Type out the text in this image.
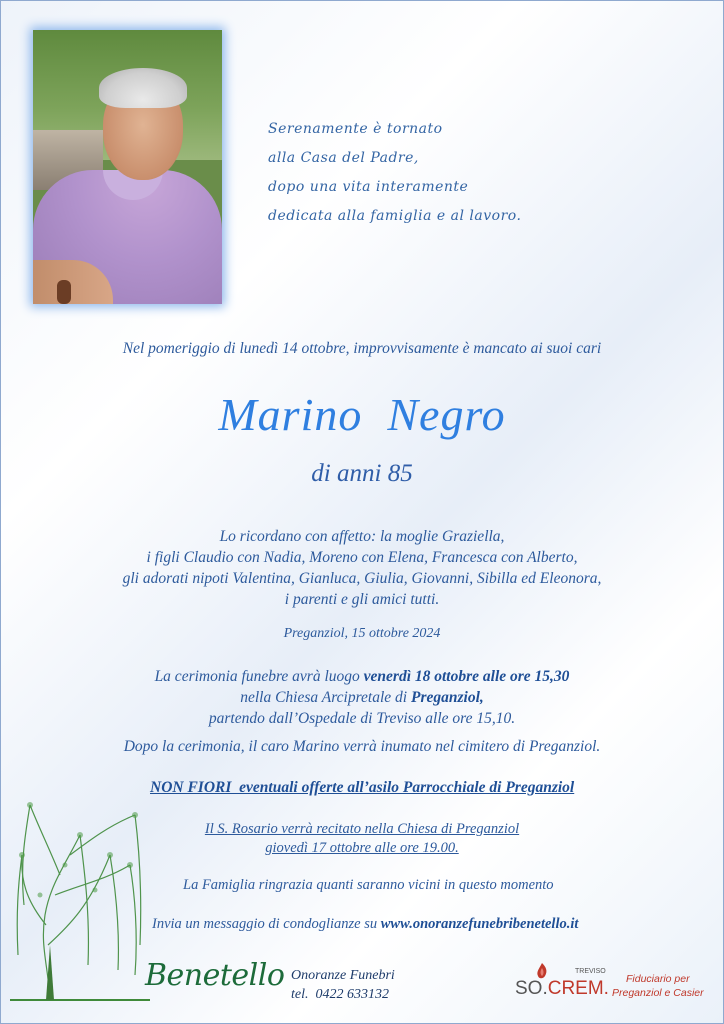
Serenamente è tornato
alla Casa del Padre,
dopo una vita interamente
dedicata alla famiglia e al lavoro.
Nel pomeriggio di lunedì 14 ottobre, improvvisamente è mancato ai suoi cari
Marino  Negro
di anni 85
Lo ricordano con affetto: la moglie Graziella,
i figli Claudio con Nadia, Moreno con Elena, Francesca con Alberto,
gli adorati nipoti Valentina, Gianluca, Giulia, Giovanni, Sibilla ed Eleonora,
i parenti e gli amici tutti.
Preganziol, 15 ottobre 2024
La cerimonia funebre avrà luogo venerdì 18 ottobre alle ore 15,30
nella Chiesa Arcipretale di Preganziol,
partendo dall’Ospedale di Treviso alle ore 15,10.
Dopo la cerimonia, il caro Marino verrà inumato nel cimitero di Preganziol.
NON FIORI  eventuali offerte all’asilo Parrocchiale di Preganziol
Il S. Rosario verrà recitato nella Chiesa di Preganziol
giovedì 17 ottobre alle ore 19.00.
La Famiglia ringrazia quanti saranno vicini in questo momento
Invia un messaggio di condoglianze su www.onoranzefunebribenetello.it
Benetello Onoranze Funebri
tel.  0422 633132
TREVISO
SO.CREM.	Fiduciario per
Preganziol e Casier
